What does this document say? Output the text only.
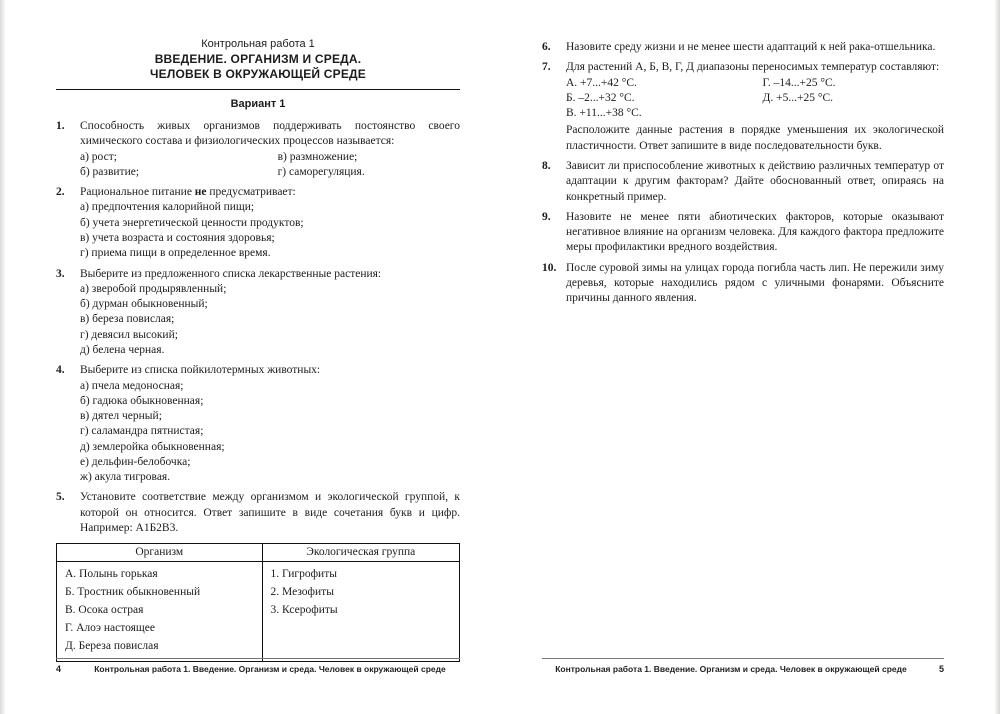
Контрольная работа 1
ВВЕДЕНИЕ. ОРГАНИЗМ И СРЕДА.
ЧЕЛОВЕК В ОКРУЖАЮЩЕЙ СРЕДЕ
Вариант 1
1.	Способность живых организмов поддерживать постоянство своего химического состава и физиологических процессов называется:
а) рост;	в) размножение;
б) развитие;	г) саморегуляция.
2.	Рациональное питание не предусматривает:
а) предпочтения калорийной пищи;
б) учета энергетической ценности продуктов;
в) учета возраста и состояния здоровья;
г) приема пищи в определенное время.
3.	Выберите из предложенного списка лекарственные растения:
а) зверобой продырявленный;
б) дурман обыкновенный;
в) береза повислая;
г) девясил высокий;
д) белена черная.
4.	Выберите из списка пойкилотермных животных:
а) пчела медоносная;
б) гадюка обыкновенная;
в) дятел черный;
г) саламандра пятнистая;
д) землеройка обыкновенная;
е) дельфин-белобочка;
ж) акула тигровая.
5.	Установите соответствие между организмом и экологической группой, к которой он относится. Ответ запишите в виде сочетания букв и цифр. Например: А1Б2В3.
Организм	Экологическая группа

А. Полынь горькая
Б. Тростник обыкновенный
В. Осока острая
Г. Алоэ настоящее
Д. Береза повислая

1. Гигрофиты
2. Мезофиты
3. Ксерофиты
4	Контрольная работа 1. Введение. Организм и среда. Человек в окружающей среде
6.	Назовите среду жизни и не менее шести адаптаций к ней рака-отшельника.
7.	Для растений А, Б, В, Г, Д диапазоны переносимых температур составляют:
А. +7...+42 °С.	Г. –14...+25 °С.
Б. –2...+32 °С.	Д. +5...+25 °С.
В. +11...+38 °С.
Расположите данные растения в порядке уменьшения их экологической пластичности. Ответ запишите в виде последовательности букв.
8.	Зависит ли приспособление животных к действию различных температур от адаптации к другим факторам? Дайте обоснованный ответ, опираясь на конкретный пример.
9.	Назовите не менее пяти абиотических факторов, которые оказывают негативное влияние на организм человека. Для каждого фактора предложите меры профилактики вредного воздействия.
10. После суровой зимы на улицах города погибла часть лип. Не пережили зиму деревья, которые находились рядом с уличными фонарями. Объясните причины данного явления.
Контрольная работа 1. Введение. Организм и среда. Человек в окружающей среде	5
